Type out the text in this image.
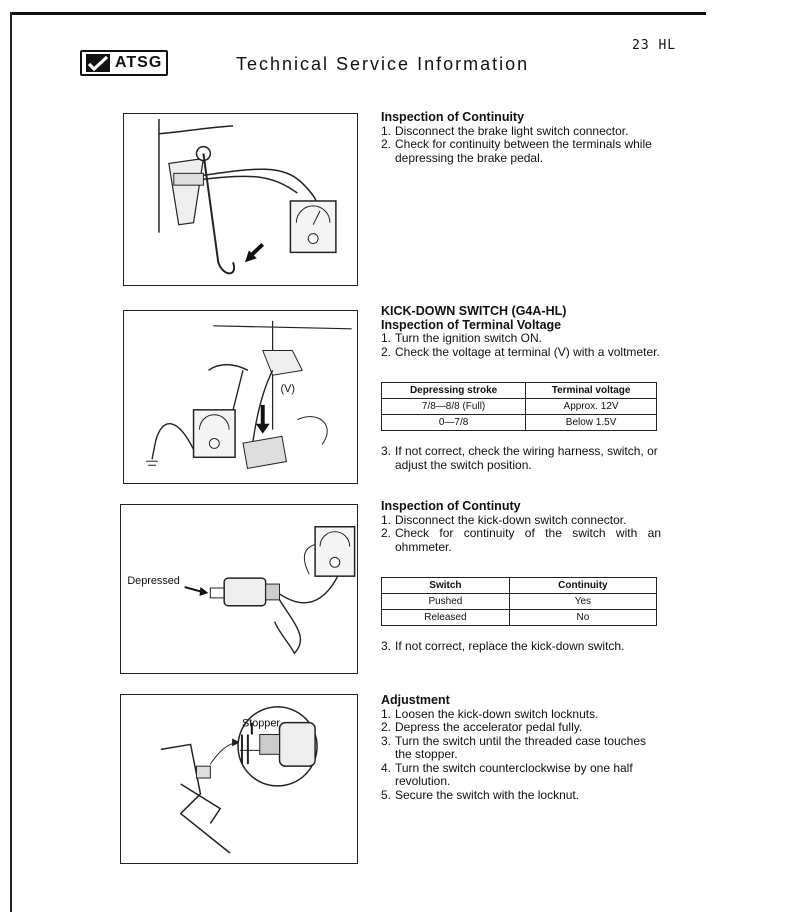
23 HL
ATSG	Technical Service Information

Inspection of Continuity

1. Disconnect the brake light switch connector.
2. Check for continuity between the terminals while depressing the brake pedal.
(V)

KICK-DOWN SWITCH (G4A-HL)

Inspection of Terminal Voltage

1. Turn the ignition switch ON.
2. Check the voltage at terminal (V) with a voltmeter.
Depressing stroke	Terminal voltage
7/8—8/8 (Full)	Approx. 12V
0—7/8	Below 1.5V
3. If not correct, check the wiring harness, switch, or adjust the switch position.
Depressed

Inspection of Continuty

1. Disconnect the kick-down switch connector.
2. Check for continuity of the switch with an ohmmeter.
Switch	Continuity
Pushed	Yes
Released	No
3. If not correct, replace the kick-down switch.
Stopper

Adjustment

1. Loosen the kick-down switch locknuts.
2. Depress the accelerator pedal fully.
3. Turn the switch until the threaded case touches the stopper.
4. Turn the switch counterclockwise by one half revolution.
5. Secure the switch with the locknut.
